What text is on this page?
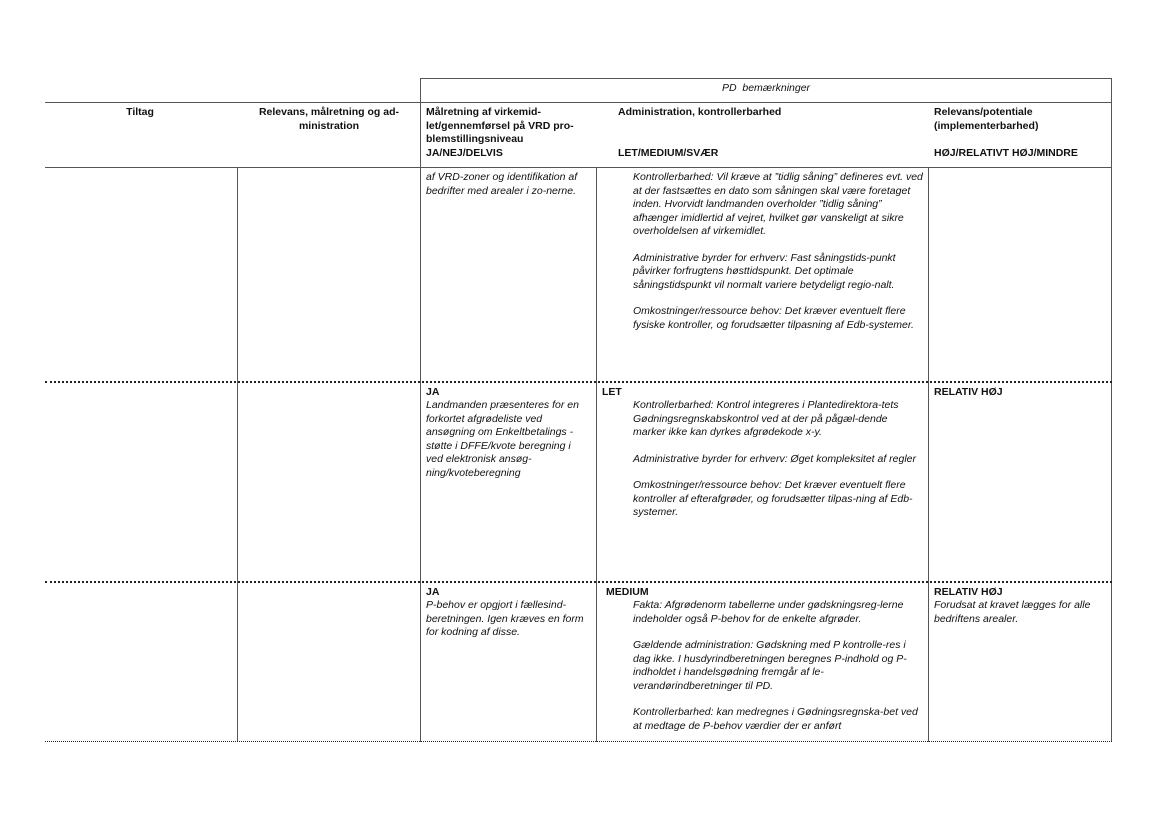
PD  bemærkninger
Tiltag	Relevans, målretning og ad-ministration
Målretning af virkemid-let/gennemførsel på VRD pro-blemstillingsniveau
JA/NEJ/DELVIS
Administration, kontrollerbarhed
LET/MEDIUM/SVÆR
Relevans/potentiale (implementerbarhed)
HØJ/RELATIVT HØJ/MINDRE
af VRD-zoner og identifikation af bedrifter med arealer i zo-nerne.

Kontrollerbarhed: Vil kræve at ”tidlig såning” defineres evt. ved at der fastsættes en dato som såningen skal være foretaget inden. Hvorvidt landmanden overholder ”tidlig såning” afhænger imidlertid af vejret, hvilket gør vanskeligt at sikre overholdelsen af virkemidlet.

Administrative byrder for erhverv: Fast såningstids-punkt påvirker forfrugtens høsttidspunkt. Det optimale såningstidspunkt vil normalt variere betydeligt regio-nalt.

Omkostninger/ressource behov: Det kræver eventuelt flere fysiske kontroller, og forudsætter tilpasning af Edb-systemer.

JA
Landmanden præsenteres for en forkortet afgrødeliste ved ansøgning om Enkeltbetalings -støtte i DFFE/kvote beregning i ved elektronisk ansøg-ning/kvoteberegning
LET

Kontrollerbarhed: Kontrol integreres i Plantedirektora-tets Gødningsregnskabskontrol ved at der på pågæl-dende marker ikke kan dyrkes afgrødekode x-y.

Administrative byrder for erhverv: Øget kompleksitet af regler

Omkostninger/ressource behov: Det kræver eventuelt flere kontroller af efterafgrøder, og forudsætter tilpas-ning af Edb-systemer.

RELATIV HØJ
JA
P-behov er opgjort i fællesind-beretningen. Igen kræves en form for kodning af disse.
MEDIUM

Fakta: Afgrødenorm tabellerne under gødskningsreg-lerne indeholder også P-behov for de enkelte afgrøder.

Gældende administration: Gødskning med P kontrolle-res i dag ikke. I husdyrindberetningen beregnes P-indhold og P-indholdet i handelsgødning fremgår af le-verandørindberetninger til PD.

Kontrollerbarhed: kan medregnes i Gødningsregnska-bet ved at medtage de P-behov værdier der er anført

RELATIV HØJ
Forudsat at kravet lægges for alle bedriftens arealer.
